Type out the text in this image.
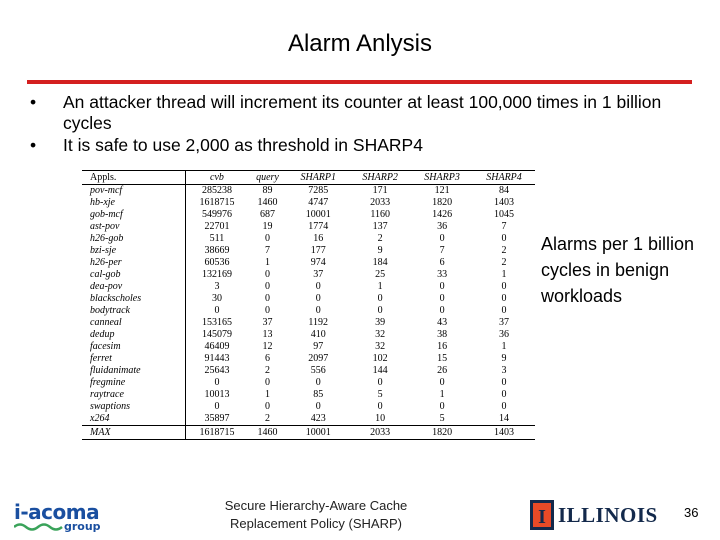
Alarm Anlysis
• An attacker thread will increment its counter at least 100,000 times in 1 billion cycles
• It is safe to use 2,000 as threshold in SHARP4
Appls.	cvb	query	SHARP1	SHARP2	SHARP3	SHARP4
pov-mcf	285238	89	7285	171	121	84
hb-xje	1618715	1460	4747	2033	1820	1403
gob-mcf	549976	687	10001	1160	1426	1045
ast-pov	22701	19	1774	137	36	7
h26-gob	511	0	16	2	0	0
bzi-sje	38669	7	177	9	7	2
h26-per	60536	1	974	184	6	2
cal-gob	132169	0	37	25	33	1
dea-pov	3	0	0	1	0	0
blackscholes	30	0	0	0	0	0
bodytrack	0	0	0	0	0	0
canneal	153165	37	1192	39	43	37
dedup	145079	13	410	32	38	36
facesim	46409	12	97	32	16	1
ferret	91443	6	2097	102	15	9
fluidanimate	25643	2	556	144	26	3
fregmine	0	0	0	0	0	0
raytrace	10013	1	85	5	1	0
swaptions	0	0	0	0	0	0
x264	35897	2	423	10	5	14
MAX	1618715	1460	10001	2033	1820	1403
Alarms per 1 billion
cycles in benign
workloads
i-acoma
group
Secure Hierarchy-Aware Cache
Replacement Policy (SHARP)	I ILLINOIS 36
